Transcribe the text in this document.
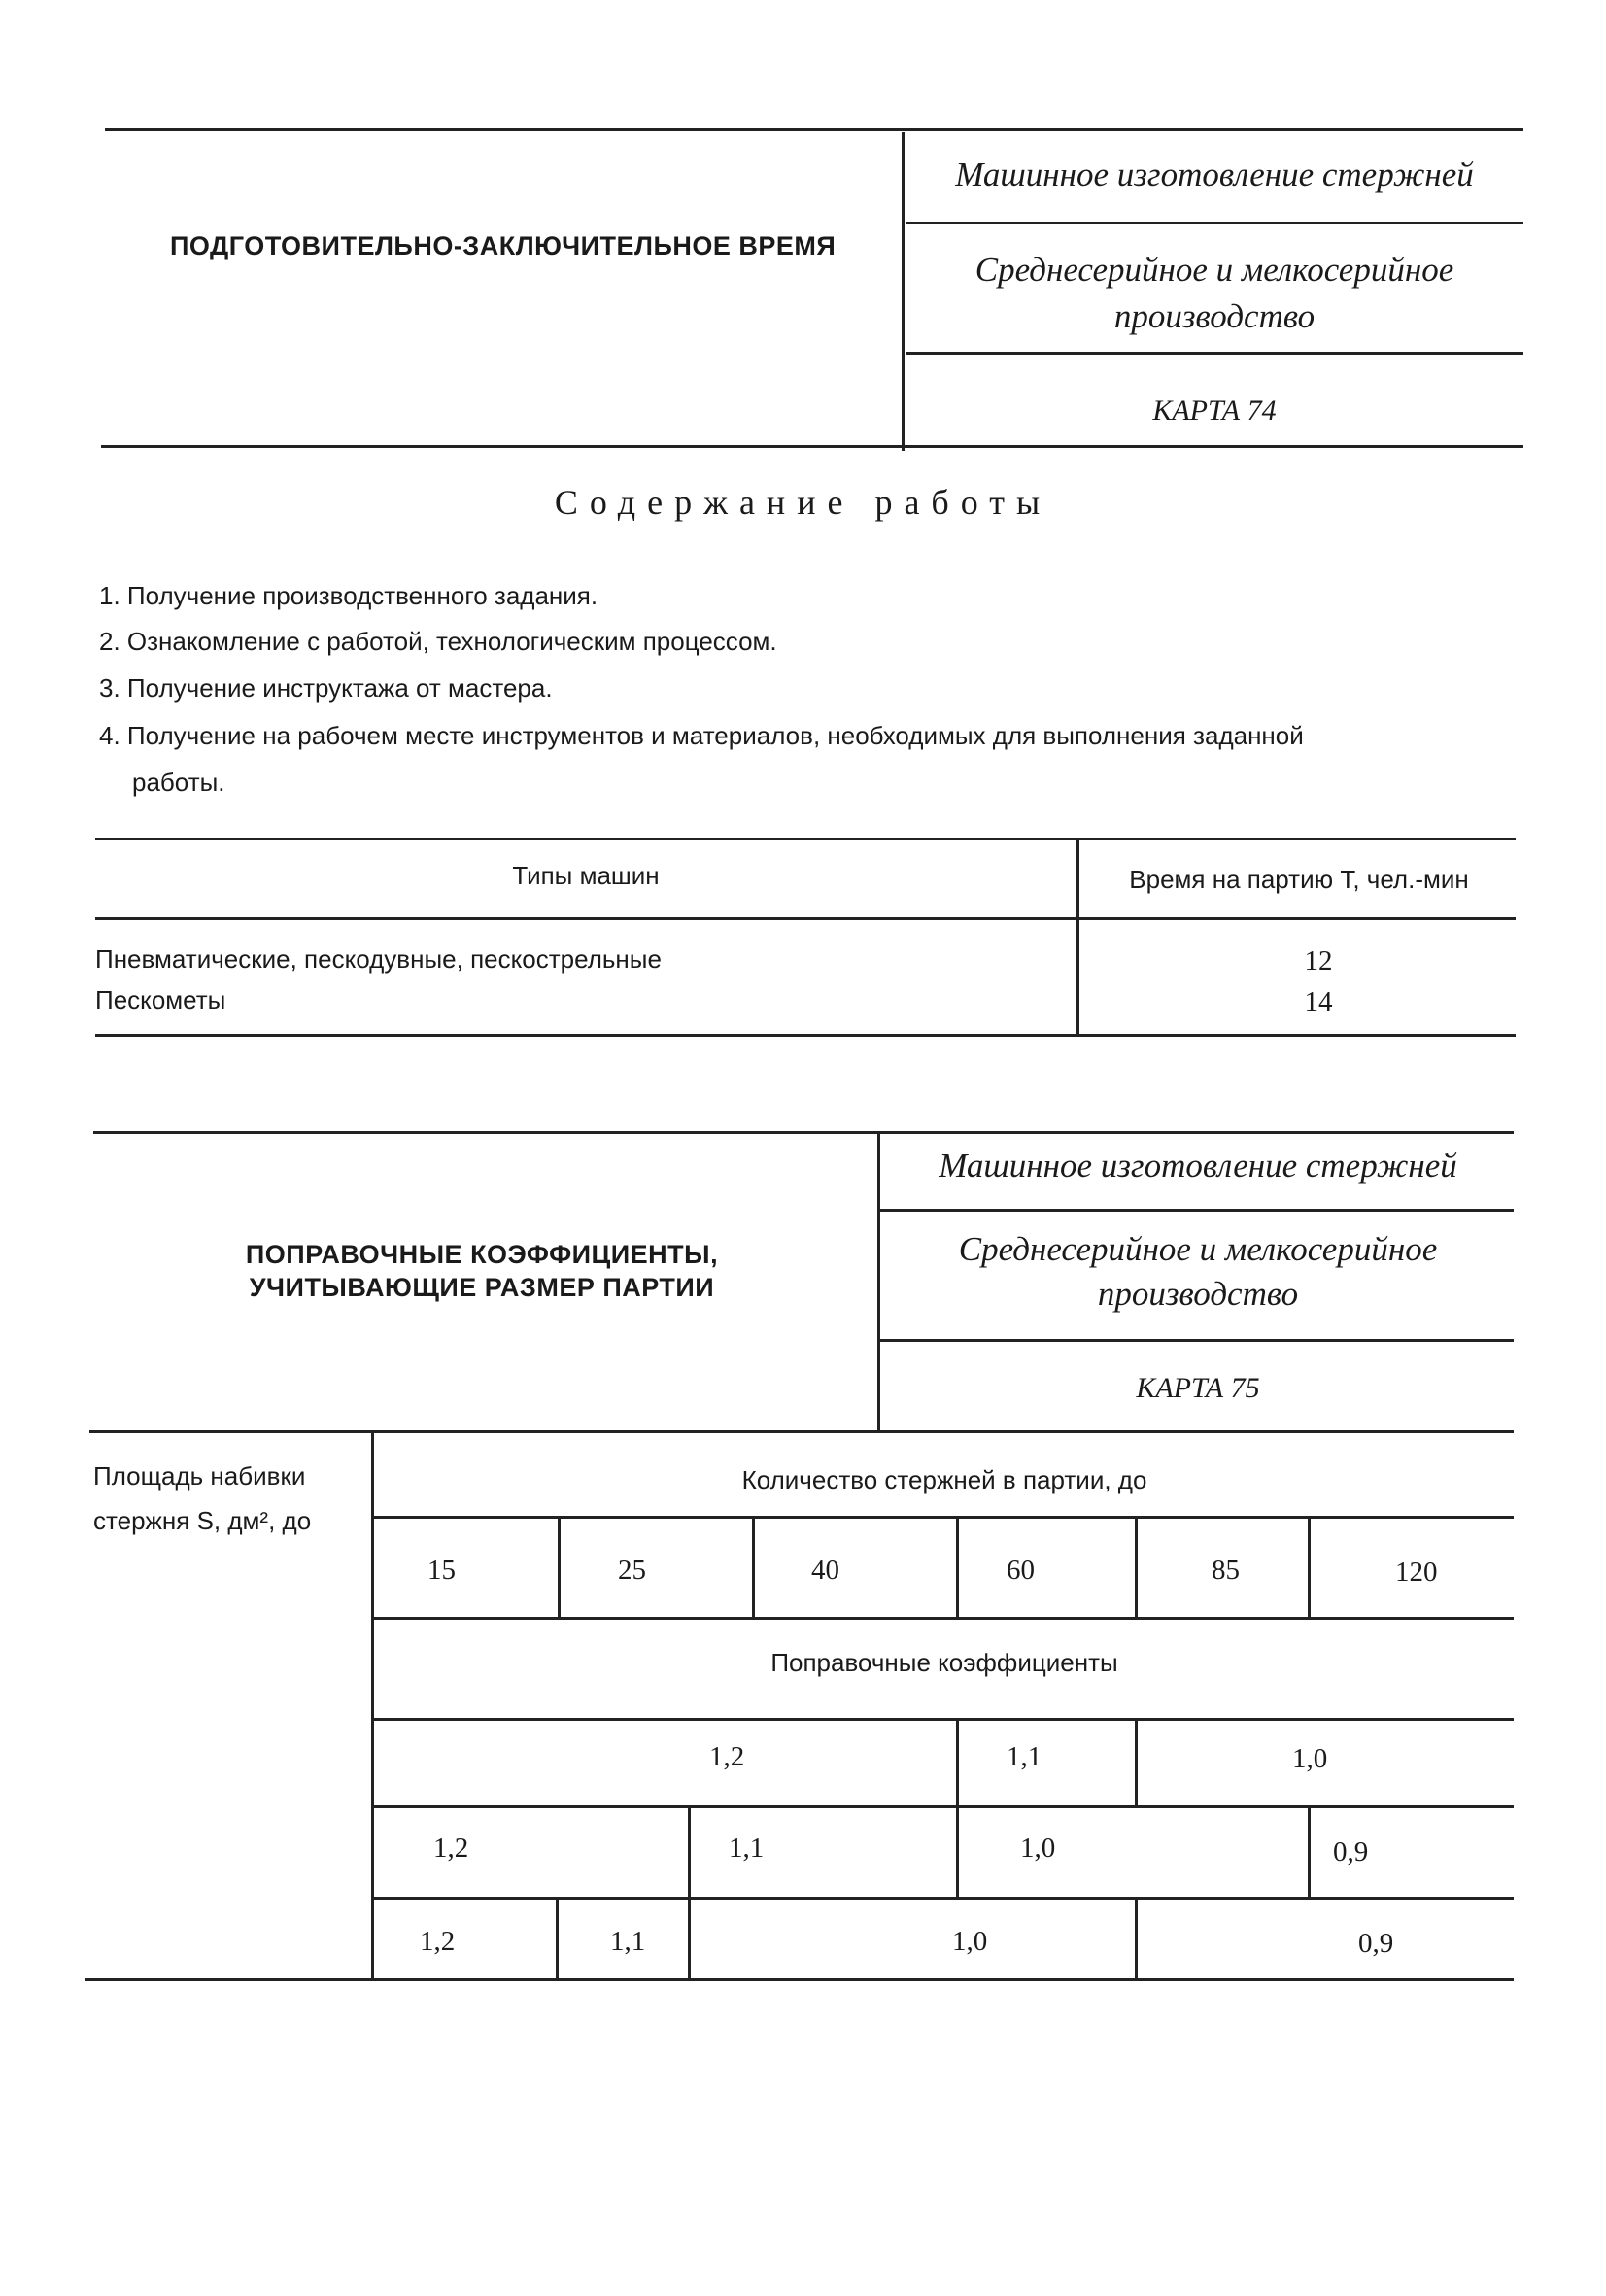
ПОДГОТОВИТЕЛЬНО-ЗАКЛЮЧИТЕЛЬНОЕ ВРЕМЯ
Машинное изготовление стержней
Среднесерийное и мелкосерийное
производство
КАРТА 74
Содержание работы
1. Получение производственного задания.
2. Ознакомление с работой, технологическим процессом.
3. Получение инструктажа от мастера.
4. Получение на рабочем месте инструментов и материалов, необходимых для выполнения заданной
работы.
Типы машин	Время на партию Т, чел.-мин
Пневматические, пескодувные, пескострельные	12
Пескометы	14
ПОПРАВОЧНЫЕ КОЭФФИЦИЕНТЫ,
УЧИТЫВАЮЩИЕ РАЗМЕР ПАРТИИ
Машинное изготовление стержней
Среднесерийное и мелкосерийное
производство
КАРТА 75
Площадь набивки
стержня S, дм², до
Количество стержней в партии, до
15	25	40	60	85	120
Поправочные коэффициенты
1,2	1,1	1,0
1,2	1,1	1,0	0,9
1,2	1,1	1,0	0,9
